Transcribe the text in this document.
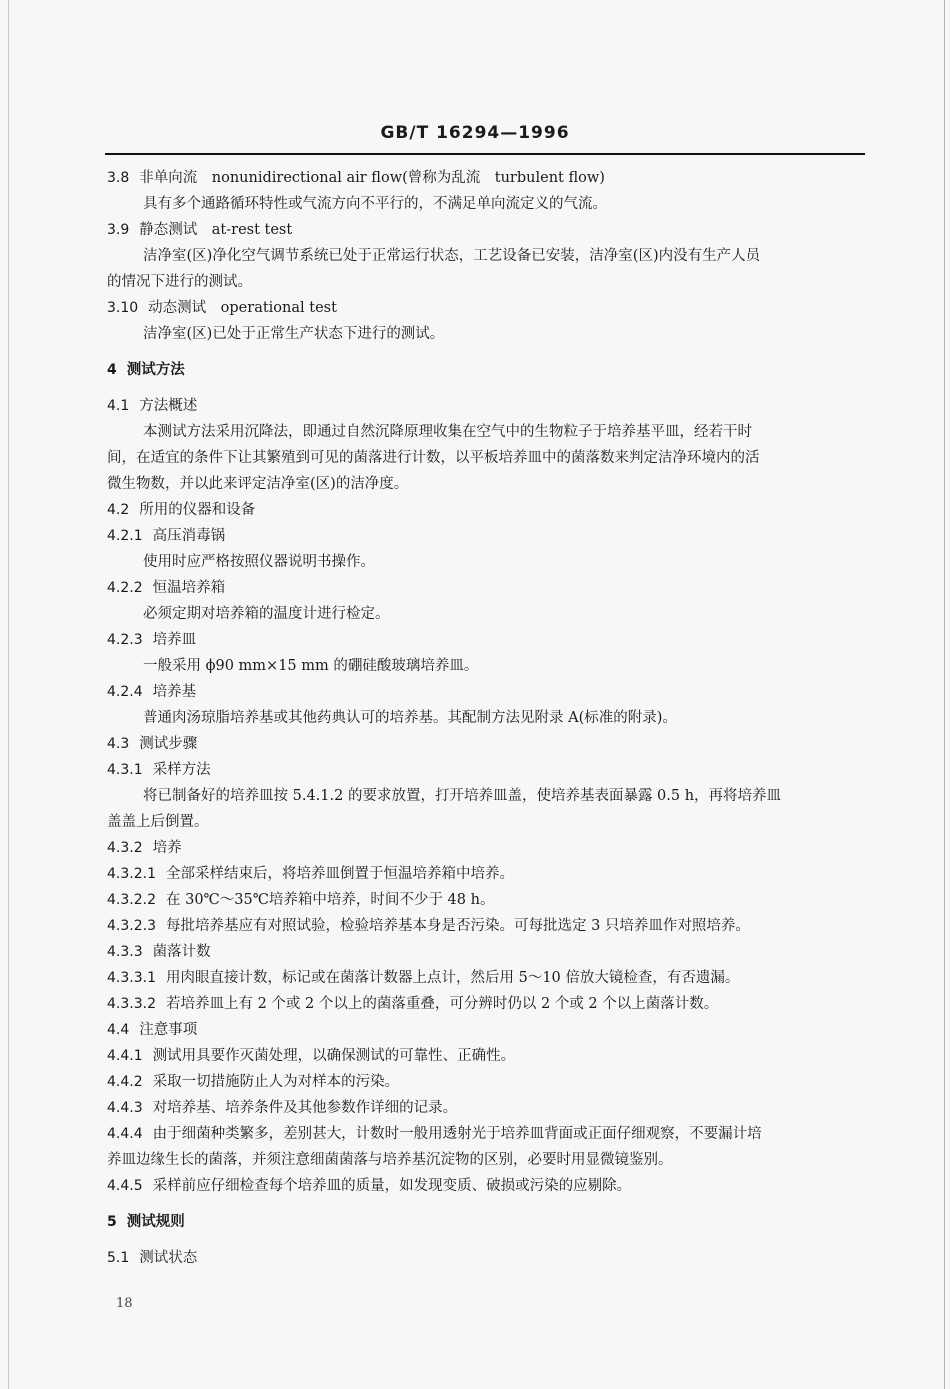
GB/T 16294—1996
3.8 非单向流　nonunidirectional air flow(曾称为乱流　turbulent flow)
具有多个通路循环特性或气流方向不平行的，不满足单向流定义的气流。
3.9 静态测试　at-rest test
洁净室(区)净化空气调节系统已处于正常运行状态，工艺设备已安装，洁净室(区)内没有生产人员
的情况下进行的测试。
3.10 动态测试　operational test
洁净室(区)已处于正常生产状态下进行的测试。
4 测试方法
4.1 方法概述
本测试方法采用沉降法，即通过自然沉降原理收集在空气中的生物粒子于培养基平皿，经若干时
间，在适宜的条件下让其繁殖到可见的菌落进行计数，以平板培养皿中的菌落数来判定洁净环境内的活
微生物数，并以此来评定洁净室(区)的洁净度。
4.2 所用的仪器和设备
4.2.1 高压消毒锅
使用时应严格按照仪器说明书操作。
4.2.2 恒温培养箱
必须定期对培养箱的温度计进行检定。
4.2.3 培养皿
一般采用 ϕ90 mm×15 mm 的硼硅酸玻璃培养皿。
4.2.4 培养基
普通肉汤琼脂培养基或其他药典认可的培养基。其配制方法见附录 A(标准的附录)。
4.3 测试步骤
4.3.1 采样方法
将已制备好的培养皿按 5.4.1.2 的要求放置，打开培养皿盖，使培养基表面暴露 0.5 h，再将培养皿
盖盖上后倒置。
4.3.2 培养
4.3.2.1 全部采样结束后，将培养皿倒置于恒温培养箱中培养。
4.3.2.2 在 30℃～35℃培养箱中培养，时间不少于 48 h。
4.3.2.3 每批培养基应有对照试验，检验培养基本身是否污染。可每批选定 3 只培养皿作对照培养。
4.3.3 菌落计数
4.3.3.1 用肉眼直接计数，标记或在菌落计数器上点计，然后用 5～10 倍放大镜检查，有否遗漏。
4.3.3.2 若培养皿上有 2 个或 2 个以上的菌落重叠，可分辨时仍以 2 个或 2 个以上菌落计数。
4.4 注意事项
4.4.1 测试用具要作灭菌处理，以确保测试的可靠性、正确性。
4.4.2 采取一切措施防止人为对样本的污染。
4.4.3 对培养基、培养条件及其他参数作详细的记录。
4.4.4 由于细菌种类繁多，差别甚大，计数时一般用透射光于培养皿背面或正面仔细观察，不要漏计培
养皿边缘生长的菌落，并须注意细菌菌落与培养基沉淀物的区别，必要时用显微镜鉴别。
4.4.5 采样前应仔细检查每个培养皿的质量，如发现变质、破损或污染的应剔除。
5 测试规则
5.1 测试状态
18
